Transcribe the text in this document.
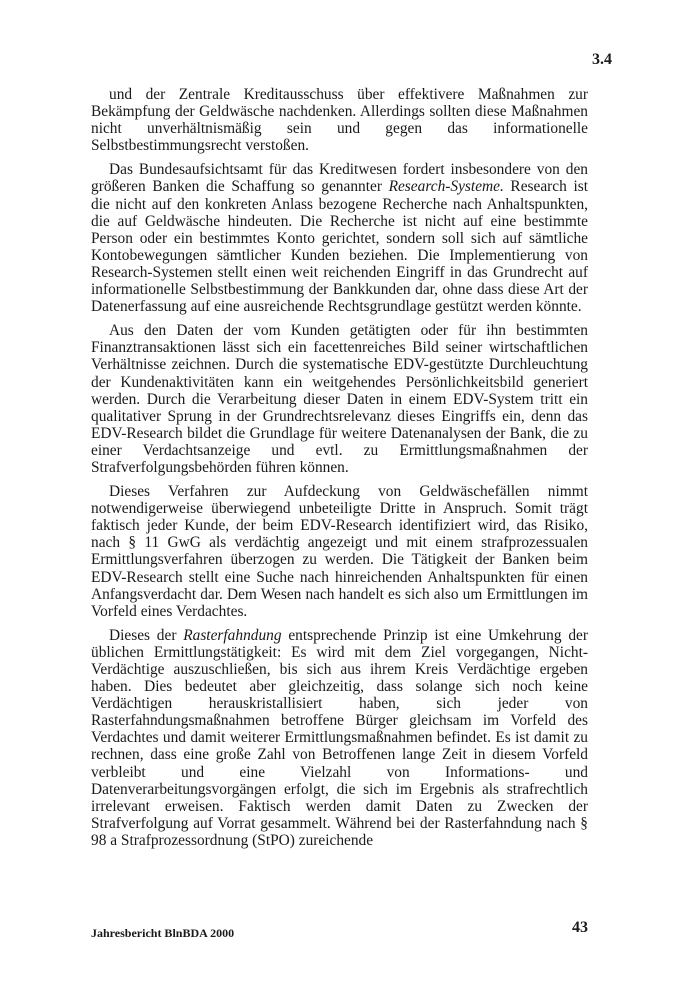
3.4

und der Zentrale Kreditausschuss über effektivere Maßnahmen zur Bekämpfung der Geldwäsche nachdenken. Allerdings sollten diese Maßnahmen nicht unverhältnismäßig sein und gegen das informationelle Selbstbestimmungsrecht verstoßen.

Das Bundesaufsichtsamt für das Kreditwesen fordert insbesondere von den größeren Banken die Schaffung so genannter Research-Systeme. Research ist die nicht auf den konkreten Anlass bezogene Recherche nach Anhaltspunkten, die auf Geldwäsche hindeuten. Die Recherche ist nicht auf eine bestimmte Person oder ein bestimmtes Konto gerichtet, sondern soll sich auf sämtliche Kontobewegungen sämtlicher Kunden beziehen. Die Implementierung von Research-Systemen stellt einen weit reichenden Eingriff in das Grundrecht auf informationelle Selbstbestimmung der Bankkunden dar, ohne dass diese Art der Datenerfassung auf eine ausreichende Rechtsgrundlage gestützt werden könnte.

Aus den Daten der vom Kunden getätigten oder für ihn bestimmten Finanztransaktionen lässt sich ein facettenreiches Bild seiner wirtschaftlichen Verhältnisse zeichnen. Durch die systematische EDV-gestützte Durchleuchtung der Kundenaktivitäten kann ein weitgehendes Persönlichkeitsbild generiert werden. Durch die Verarbeitung dieser Daten in einem EDV-System tritt ein qualitativer Sprung in der Grundrechtsrelevanz dieses Eingriffs ein, denn das EDV-Research bildet die Grundlage für weitere Datenanalysen der Bank, die zu einer Verdachtsanzeige und evtl. zu Ermittlungsmaßnahmen der Strafverfolgungsbehörden führen können.

Dieses Verfahren zur Aufdeckung von Geldwäschefällen nimmt notwendigerweise überwiegend unbeteiligte Dritte in Anspruch. Somit trägt faktisch jeder Kunde, der beim EDV-Research identifiziert wird, das Risiko, nach § 11 GwG als verdächtig angezeigt und mit einem strafprozessualen Ermittlungsverfahren überzogen zu werden. Die Tätigkeit der Banken beim EDV-Research stellt eine Suche nach hinreichenden Anhaltspunkten für einen Anfangsverdacht dar. Dem Wesen nach handelt es sich also um Ermittlungen im Vorfeld eines Verdachtes.

Dieses der Rasterfahndung entsprechende Prinzip ist eine Umkehrung der üblichen Ermittlungstätigkeit: Es wird mit dem Ziel vorgegangen, Nicht-Verdächtige auszuschließen, bis sich aus ihrem Kreis Verdächtige ergeben haben. Dies bedeutet aber gleichzeitig, dass solange sich noch keine Verdächtigen herauskristallisiert haben, sich jeder von Rasterfahndungsmaßnahmen betroffene Bürger gleichsam im Vorfeld des Verdachtes und damit weiterer Ermittlungsmaßnahmen befindet. Es ist damit zu rechnen, dass eine große Zahl von Betroffenen lange Zeit in diesem Vorfeld verbleibt und eine Vielzahl von Informations- und Datenverarbeitungsvorgängen erfolgt, die sich im Ergebnis als strafrechtlich irrelevant erweisen. Faktisch werden damit Daten zu Zwecken der Strafverfolgung auf Vorrat gesammelt. Während bei der Rasterfahndung nach § 98 a Strafprozessordnung (StPO) zureichende

Jahresbericht BlnBDA 2000	43
